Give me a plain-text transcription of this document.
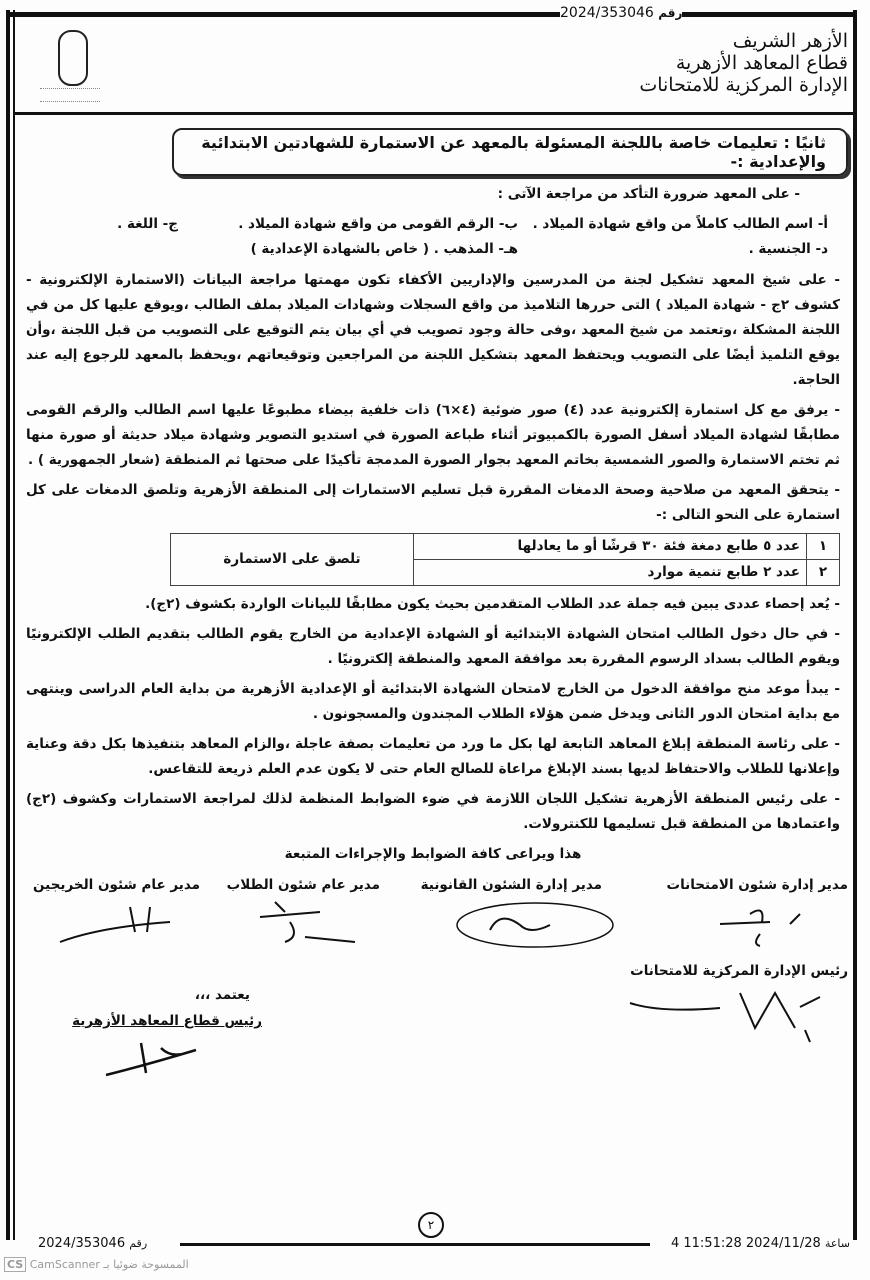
2024/353046 رقم
الأزهر الشريف
قطاع المعاهد الأزهرية
الإدارة المركزية للامتحانات
ثانيًا : تعليمات خاصة باللجنة المسئولة بالمعهد عن الاستمارة للشهادتين الابتدائية والإعدادية :-

- على المعهد ضرورة التأكد من مراجعة الآتى :

أ- اسم الطالب كاملاً من واقع شهادة الميلاد .
ب- الرقم القومى من واقع شهادة الميلاد .
ج- اللغة .
د- الجنسية .
هـ- المذهب . ( خاص بالشهادة الإعدادية )

- على شيخ المعهد تشكيل لجنة من المدرسين والإداريين الأكفاء تكون مهمتها مراجعة البيانات (الاستمارة الإلكترونية - كشوف ٢ج - شهادة الميلاد ) التى حررها التلاميذ من واقع السجلات وشهادات الميلاد بملف الطالب ،ويوقع عليها كل من في اللجنة المشكلة ،وتعتمد من شيخ المعهد ،وفى حالة وجود تصويب في أي بيان يتم التوقيع على التصويب من قبل اللجنة ،وأن يوقع التلميذ أيضًا على التصويب ويحتفظ المعهد بتشكيل اللجنة من المراجعين وتوقيعاتهم ،ويحفظ بالمعهد للرجوع إليه عند الحاجة.

- يرفق مع كل استمارة إلكترونية عدد (٤) صور ضوئية (٤×٦) ذات خلفية بيضاء مطبوعًا عليها اسم الطالب والرقم القومى مطابقًا لشهادة الميلاد أسفل الصورة بالكمبيوتر أثناء طباعة الصورة في استديو التصوير وشهادة ميلاد حديثة أو صورة منها ثم تختم الاستمارة والصور الشمسية بخاتم المعهد بجوار الصورة المدمجة تأكيدًا على صحتها ثم المنطقة (شعار الجمهورية ) .

- يتحقق المعهد من صلاحية وصحة الدمغات المقررة قبل تسليم الاستمارات إلى المنطقة الأزهرية وتلصق الدمغات على كل استمارة على النحو التالى :-

١	عدد ٥ طابع دمغة فئة ٣٠ قرشًا أو ما يعادلها	تلصق على الاستمارة
٢	عدد ٢ طابع تنمية موارد	

- يُعد إحصاء عددى يبين فيه جملة عدد الطلاب المتقدمين بحيث يكون مطابقًا للبيانات الواردة بكشوف (٢ج).

- في حال دخول الطالب امتحان الشهادة الابتدائية أو الشهادة الإعدادية من الخارج يقوم الطالب بتقديم الطلب الإلكترونيًا ويقوم الطالب بسداد الرسوم المقررة بعد موافقة المعهد والمنطقة إلكترونيًا .

- يبدأ موعد منح موافقة الدخول من الخارج لامتحان الشهادة الابتدائية أو الإعدادية الأزهرية من بداية العام الدراسى وينتهى مع بداية امتحان الدور الثانى ويدخل ضمن هؤلاء الطلاب المجندون والمسجونون .

- على رئاسة المنطقة إبلاغ المعاهد التابعة لها بكل ما ورد من تعليمات بصفة عاجلة ،والزام المعاهد بتنفيذها بكل دقة وعناية وإعلانها للطلاب والاحتفاظ لديها بسند الإبلاغ مراعاة للصالح العام حتى لا يكون عدم العلم ذريعة للتقاعس.

- على رئيس المنطقة الأزهرية تشكيل اللجان اللازمة في ضوء الضوابط المنظمة لذلك لمراجعة الاستمارات وكشوف (٢ج) واعتمادها من المنطقة قبل تسليمها للكنترولات.

هذا ويراعى كافة الضوابط والإجراءات المتبعة
مدير إدارة شئون الامتحانات
مدير إدارة الشئون القانونية
مدير عام شئون الطلاب
مدير عام شئون الخريجين
رئيس الإدارة المركزية للامتحانات
يعتمد ،،،
رئيس قطاع المعاهد الأزهرية
٢
2024/353046 رقم	4 11:51:28 2024/11/28 ساعة
CS CamScanner الممسوحة ضوئيا بـ
